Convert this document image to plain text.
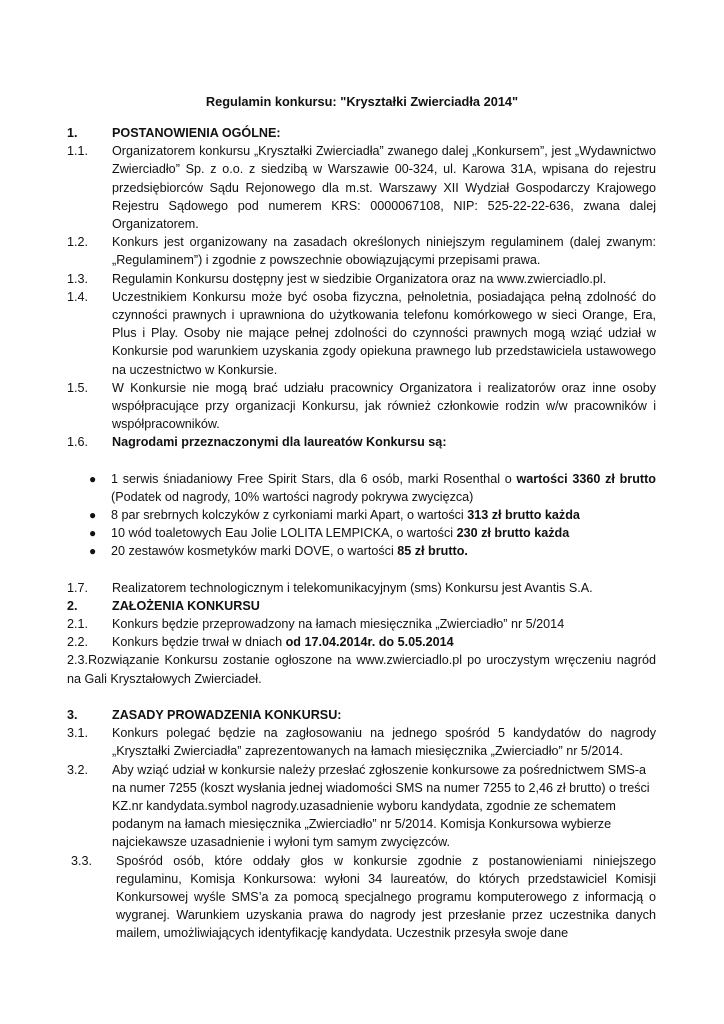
Regulamin konkursu: "Kryształki Zwierciadła 2014"
1.	POSTANOWIENIA OGÓLNE:
1.1.	Organizatorem konkursu „Kryształki Zwierciadła” zwanego dalej „Konkursem”, jest „Wydawnictwo Zwierciadło” Sp. z o.o. z siedzibą w Warszawie 00-324, ul. Karowa 31A, wpisana do rejestru przedsiębiorców Sądu Rejonowego dla m.st. Warszawy XII Wydział Gospodarczy Krajowego Rejestru Sądowego pod numerem KRS: 0000067108, NIP: 525-22-22-636, zwana dalej Organizatorem.
1.2.	Konkurs jest organizowany na zasadach określonych niniejszym regulaminem (dalej zwanym: „Regulaminem”) i zgodnie z powszechnie obowiązującymi przepisami prawa.
1.3.	Regulamin Konkursu dostępny jest w siedzibie Organizatora oraz na www.zwierciadlo.pl.
1.4.	Uczestnikiem Konkursu może być osoba fizyczna, pełnoletnia, posiadająca pełną zdolność do czynności prawnych i uprawniona do użytkowania telefonu komórkowego w sieci Orange, Era, Plus i Play. Osoby nie mające pełnej zdolności do czynności prawnych mogą wziąć udział w Konkursie pod warunkiem uzyskania zgody opiekuna prawnego lub przedstawiciela ustawowego na uczestnictwo w Konkursie.
1.5.	W Konkursie nie mogą brać udziału pracownicy Organizatora i realizatorów oraz inne osoby współpracujące przy organizacji Konkursu, jak również członkowie rodzin w/w pracowników i współpracowników.
1.6.	Nagrodami przeznaczonymi dla laureatów Konkursu są:
●	1 serwis śniadaniowy Free Spirit Stars, dla 6 osób, marki Rosenthal o wartości 3360 zł brutto (Podatek od nagrody, 10% wartości nagrody pokrywa zwycięzca)
●	8 par srebrnych kolczyków z cyrkoniami marki Apart, o wartości 313 zł brutto każda
●	10 wód toaletowych Eau Jolie LOLITA LEMPICKA, o wartości 230 zł brutto każda
●	20 zestawów kosmetyków marki DOVE, o wartości 85 zł brutto.
1.7.	Realizatorem technologicznym i telekomunikacyjnym (sms) Konkursu jest Avantis S.A.
2.	ZAŁOŻENIA KONKURSU
2.1.	Konkurs będzie przeprowadzony na łamach miesięcznika „Zwierciadło” nr 5/2014
2.2.	Konkurs będzie trwał w dniach od 17.04.2014r. do 5.05.2014
2.3.Rozwiązanie Konkursu zostanie ogłoszone na www.zwierciadlo.pl po uroczystym wręczeniu nagród na Gali Kryształowych Zwierciadeł.
3.	ZASADY PROWADZENIA KONKURSU:
3.1.	Konkurs polegać będzie na zagłosowaniu na jednego spośród 5 kandydatów do nagrody „Kryształki Zwierciadła” zaprezentowanych na łamach miesięcznika „Zwierciadło” nr 5/2014.
3.2.	Aby wziąć udział w konkursie należy przesłać zgłoszenie konkursowe za pośrednictwem SMS-a na numer 7255 (koszt wysłania jednej wiadomości SMS na numer 7255 to 2,46 zł brutto) o treści KZ.nr kandydata.symbol nagrody.uzasadnienie wyboru kandydata, zgodnie ze schematem podanym na łamach miesięcznika „Zwierciadło” nr 5/2014. Komisja Konkursowa wybierze najciekawsze uzasadnienie i wyłoni tym samym zwycięzców.
3.3.	Spośród osób, które oddały głos w konkursie zgodnie z postanowieniami niniejszego regulaminu, Komisja Konkursowa: wyłoni 34 laureatów, do których przedstawiciel Komisji Konkursowej wyśle SMS’a za pomocą specjalnego programu komputerowego z informacją o wygranej. Warunkiem uzyskania prawa do nagrody jest przesłanie przez uczestnika danych mailem, umożliwiających identyfikację kandydata. Uczestnik przesyła swoje dane
